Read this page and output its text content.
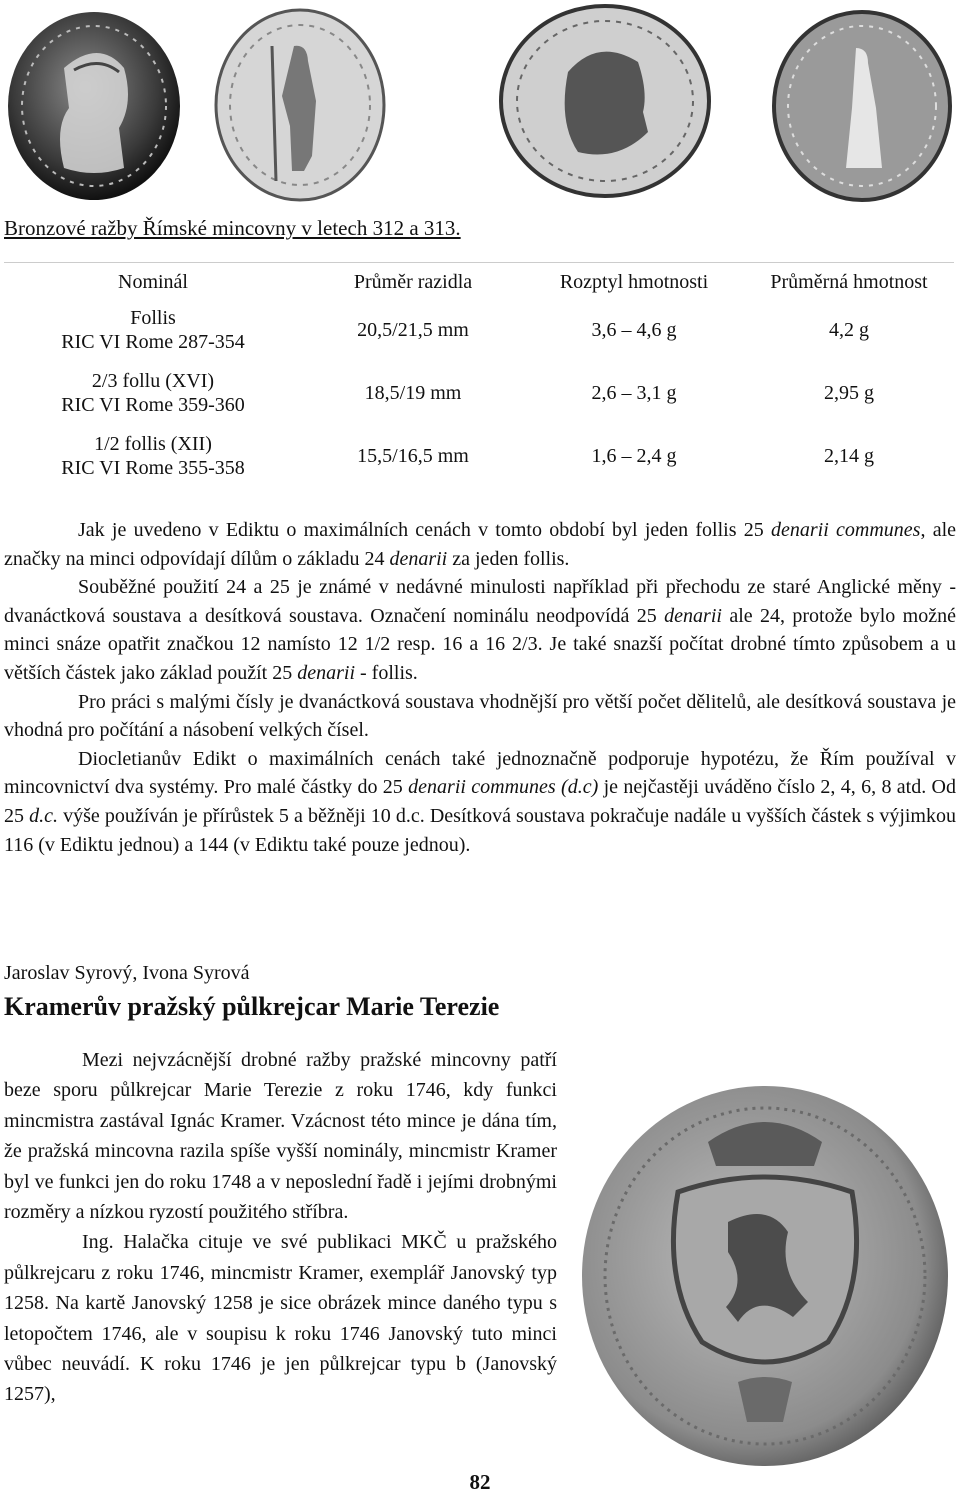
Bronzové ražby Římské mincovny v letech 312 a 313.
Nominál	Průměr razidla	Rozptyl hmotnosti	Průměrná hmotnost
Follis
RIC VI Rome 287-354	20,5/21,5 mm	3,6 – 4,6 g	4,2 g
2/3 follu (XVI)
RIC VI Rome 359-360	18,5/19 mm	2,6 – 3,1 g	2,95 g
1/2 follis (XII)
RIC VI Rome 355-358	15,5/16,5 mm	1,6 – 2,4 g	2,14 g

Jak je uvedeno v Ediktu o maximálních cenách v tomto období byl jeden follis 25 denarii communes, ale značky na minci odpovídají dílům o základu 24 denarii za jeden follis.

Souběžné použití 24 a 25 je známé v nedávné minulosti například při přechodu ze staré Anglické měny - dvanáctková soustava a desítková soustava. Označení nominálu neodpovídá 25 denarii ale 24, protože bylo možné minci snáze opatřit značkou 12 namísto 12 1/2 resp. 16 a 16 2/3. Je také snazší počítat drobné tímto způsobem a u větších částek jako základ použít 25 denarii - follis.

Pro práci s malými čísly je dvanáctková soustava vhodnější pro větší počet dělitelů, ale desítková soustava je vhodná pro počítání a násobení velkých čísel.

Diocletianův Edikt o maximálních cenách také jednoznačně podporuje hypotézu, že Řím používal v mincovnictví dva systémy. Pro malé částky do 25 denarii communes (d.c) je nejčastěji uváděno číslo 2, 4, 6, 8 atd. Od 25 d.c. výše používán je přírůstek 5 a běžněji 10 d.c. Desítková soustava pokračuje nadále u vyšších částek s výjimkou 116 (v Ediktu jednou) a 144 (v Ediktu také pouze jednou).

Jaroslav Syrový, Ivona Syrová
Kramerův pražský půlkrejcar Marie Terezie

Mezi nejvzácnější drobné ražby pražské mincovny patří beze sporu půlkrejcar Marie Terezie z roku 1746, kdy funkci mincmistra zastával Ignác Kramer. Vzácnost této mince je dána tím, že pražská mincovna razila spíše vyšší nominály, mincmistr Kramer byl ve funkci jen do roku 1748 a v neposlední řadě i jejími drobnými rozměry a nízkou ryzostí použitého stříbra.

Ing. Halačka cituje ve své publikaci MKČ u pražského půlkrejcaru z roku 1746, mincmistr Kramer, exemplář Janovský typ 1258. Na kartě Janovský 1258 je sice obrázek mince daného typu s letopočtem 1746, ale v soupisu k roku 1746 Janovský tuto minci vůbec neuvádí. K roku 1746 je jen půlkrejcar typu b (Janovský 1257),

82
